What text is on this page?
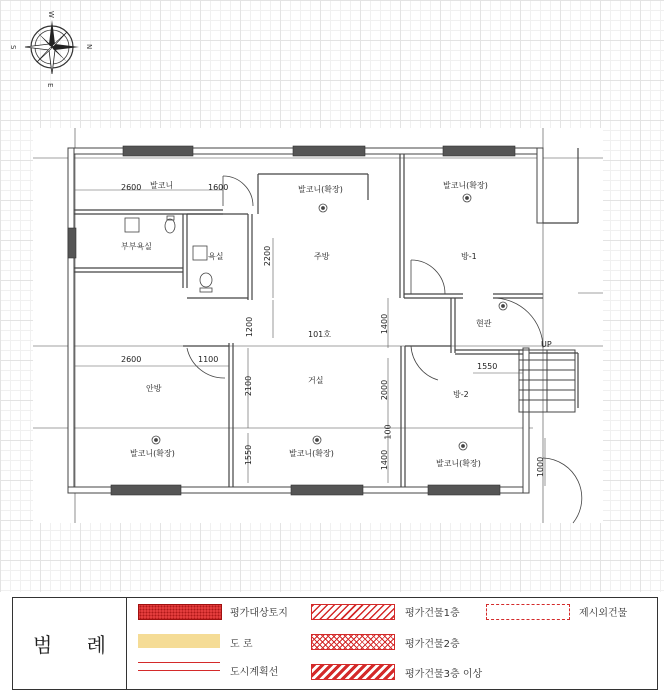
W
E
S	N
발코니	발코니(확장)	발코니(확장)
부부욕실
욕실	주방	방-1
현관
101호
거실
안방
방-2
발코니(확장)	발코니(확장)
발코니(확장)
UP
2600	1600
2200
1200	1400
2600	1100
2100
1550
2000
100
1400
1550
1000
범 례
평가대상토지
도 로
도시계획선
평가건물1층
평가건물2층
평가건물3층 이상
제시외건물
